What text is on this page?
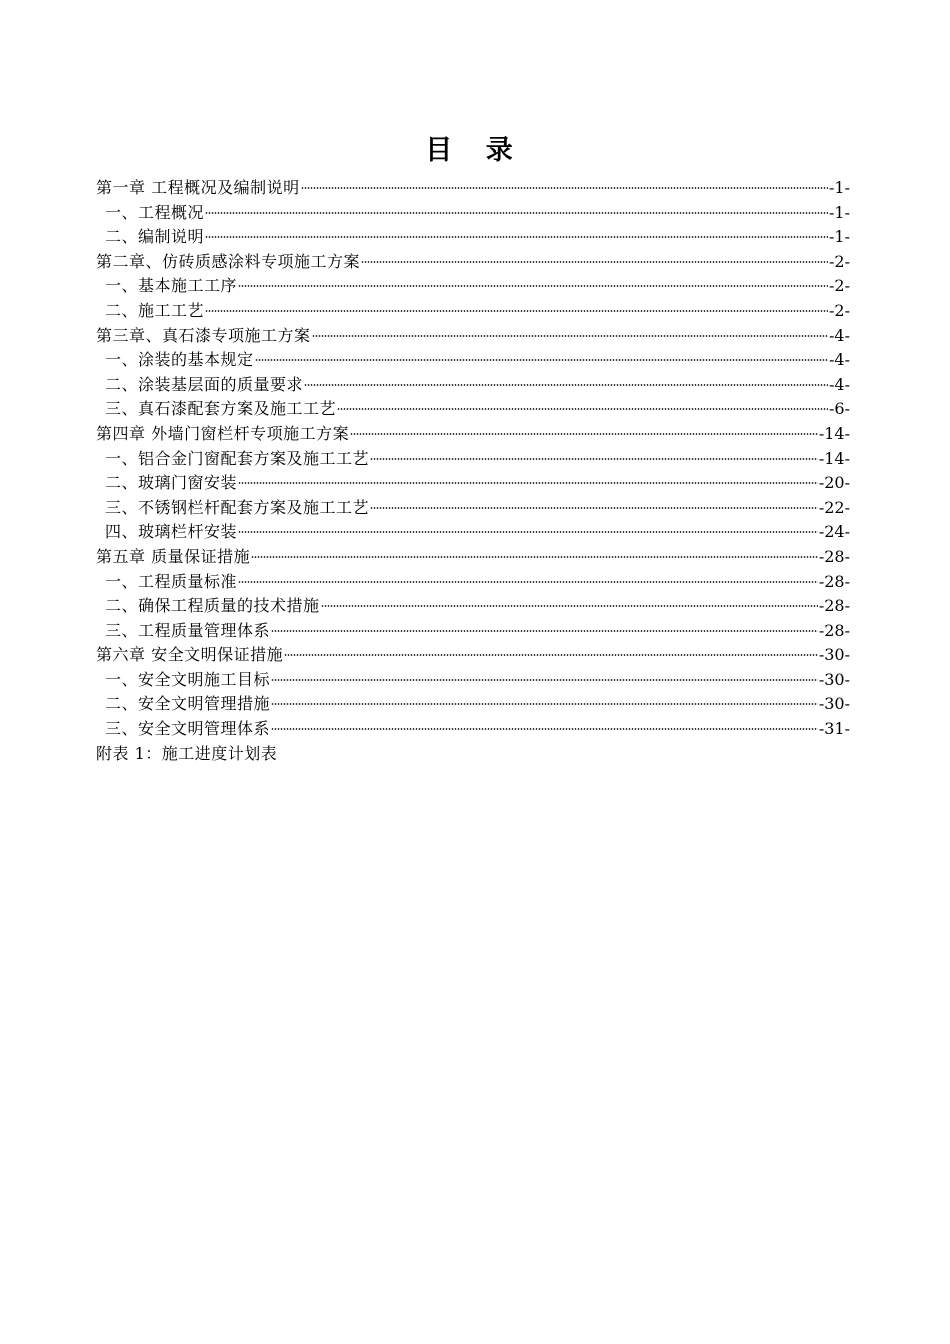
目 录
第一章 工程概况及编制说明	-1-
一、工程概况	-1-
二、编制说明	-1-
第二章、仿砖质感涂料专项施工方案	-2-
一、基本施工工序	-2-
二、施工工艺	-2-
第三章、真石漆专项施工方案	-4-
一、涂装的基本规定	-4-
二、涂装基层面的质量要求	-4-
三、真石漆配套方案及施工工艺	-6-
第四章 外墙门窗栏杆专项施工方案	-14-
一、铝合金门窗配套方案及施工工艺	-14-
二、玻璃门窗安装	-20-
三、不锈钢栏杆配套方案及施工工艺	-22-
四、玻璃栏杆安装	-24-
第五章 质量保证措施	-28-
一、工程质量标准	-28-
二、确保工程质量的技术措施	-28-
三、工程质量管理体系	-28-
第六章 安全文明保证措施	-30-
一、安全文明施工目标	-30-
二、安全文明管理措施	-30-
三、安全文明管理体系	-31-
附表 1：施工进度计划表
